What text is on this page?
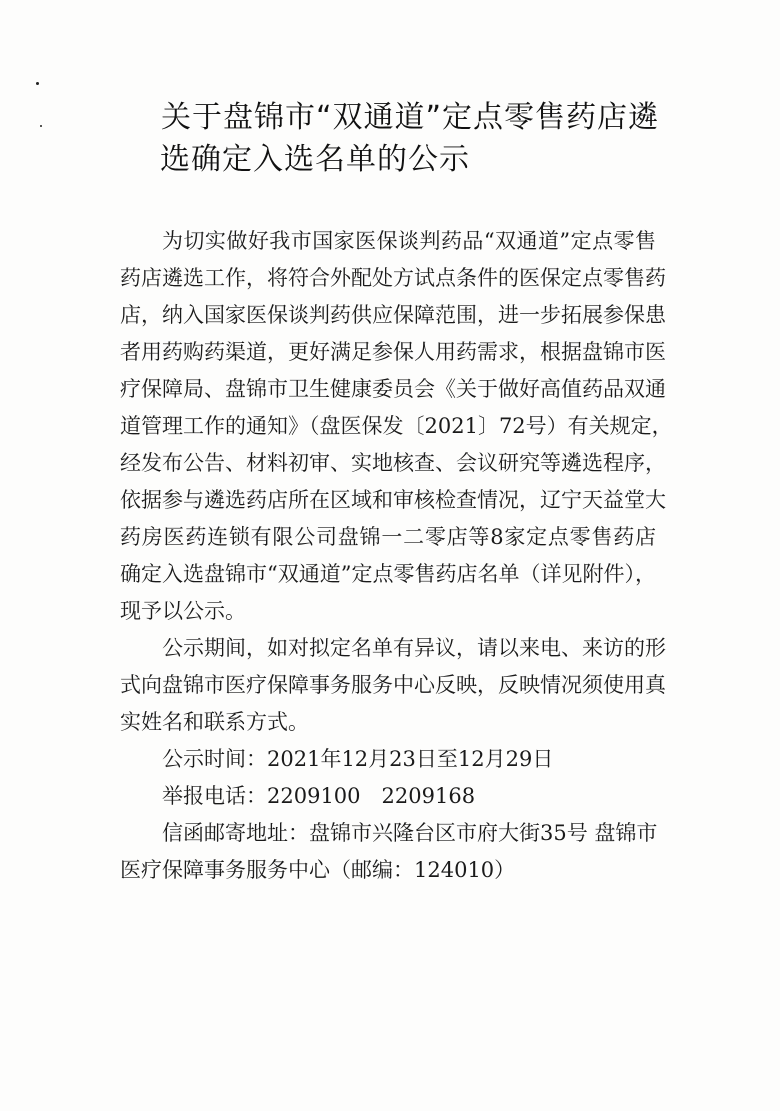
关于盘锦市“双通道”定点零售药店遴
选确定入选名单的公示
为切实做好我市国家医保谈判药品“双通道”定点零售
药店遴选工作，将符合外配处方试点条件的医保定点零售药
店，纳入国家医保谈判药供应保障范围，进一步拓展参保患
者用药购药渠道，更好满足参保人用药需求，根据盘锦市医
疗保障局、盘锦市卫生健康委员会《关于做好高值药品双通
道管理工作的通知》（盘医保发〔2021〕72号）有关规定，
经发布公告、材料初审、实地核查、会议研究等遴选程序，
依据参与遴选药店所在区域和审核检查情况，辽宁天益堂大
药房医药连锁有限公司盘锦一二零店等8家定点零售药店
确定入选盘锦市“双通道”定点零售药店名单（详见附件），
现予以公示。
公示期间，如对拟定名单有异议，请以来电、来访的形
式向盘锦市医疗保障事务服务中心反映，反映情况须使用真
实姓名和联系方式。
公示时间：2021年12月23日至12月29日
举报电话：2209100　2209168
信函邮寄地址：盘锦市兴隆台区市府大街35号 盘锦市
医疗保障事务服务中心（邮编：124010）
